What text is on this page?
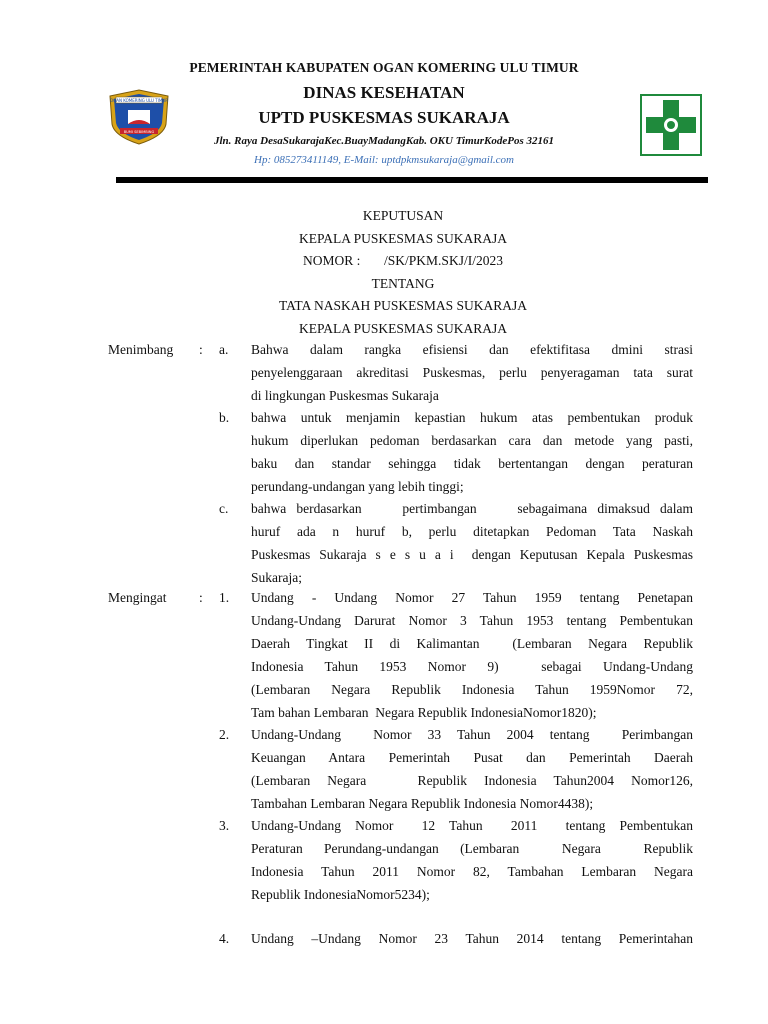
OGAN KOMERING ULU TIMUR
BUMI SEBIMBING
PEMERINTAH KABUPATEN OGAN KOMERING ULU TIMUR
DINAS KESEHATAN
UPTD PUSKESMAS SUKARAJA
Jln. Raya DesaSukarajaKec.BuayMadangKab. OKU TimurKodePos 32161
Hp: 085273411149, E-Mail: uptdpkmsukaraja@gmail.com
KEPUTUSAN
KEPALA PUSKESMAS SUKARAJA
NOMOR :       /SK/PKM.SKJ/I/2023
TENTANG
TATA NASKAH PUSKESMAS SUKARAJA
KEPALA PUSKESMAS SUKARAJA
Menimbang : a. Bahwa dalam rangka efisiensi dan efektifitasa dmini strasi
penyelenggaraan akreditasi Puskesmas, perlu penyeragaman tata surat
di lingkungan Puskesmas Sukaraja
b. bahwa untuk menjamin kepastian hukum atas pembentukan produk
hukum diperlukan pedoman berdasarkan cara dan metode yang pasti,
baku dan standar sehingga tidak bertentangan dengan peraturan
perundang-undangan yang lebih tinggi;
c. bahwa berdasarkan    pertimbangan    sebagaimana dimaksud dalam
huruf ada n huruf b, perlu ditetapkan Pedoman Tata Naskah
Puskesmas Sukaraja s e s u a i  dengan Keputusan Kepala Puskesmas
Sukaraja;
Mengingat : 1. Undang - Undang Nomor 27 Tahun 1959 tentang Penetapan
Undang-Undang Darurat Nomor 3 Tahun 1953 tentang Pembentukan
Daerah Tingkat II di Kalimantan  (Lembaran Negara Republik
Indonesia Tahun 1953 Nomor 9)  sebagai Undang-Undang
(Lembaran Negara Republik Indonesia Tahun 1959Nomor 72,
Tam bahan Lembaran  Negara Republik IndonesiaNomor1820);
2. Undang-Undang  Nomor 33 Tahun 2004 tentang  Perimbangan
Keuangan Antara Pemerintah Pusat dan Pemerintah Daerah
(Lembaran Negara   Republik Indonesia Tahun2004 Nomor126,
Tambahan Lembaran Negara Republik Indonesia Nomor4438);
3. Undang-Undang Nomor  12 Tahun  2011  tentang Pembentukan
Peraturan Perundang-undangan (Lembaran  Negara  Republik
Indonesia Tahun 2011 Nomor 82, Tambahan Lembaran Negara
Republik IndonesiaNomor5234);
4. Undang –Undang Nomor 23 Tahun 2014 tentang Pemerintahan
